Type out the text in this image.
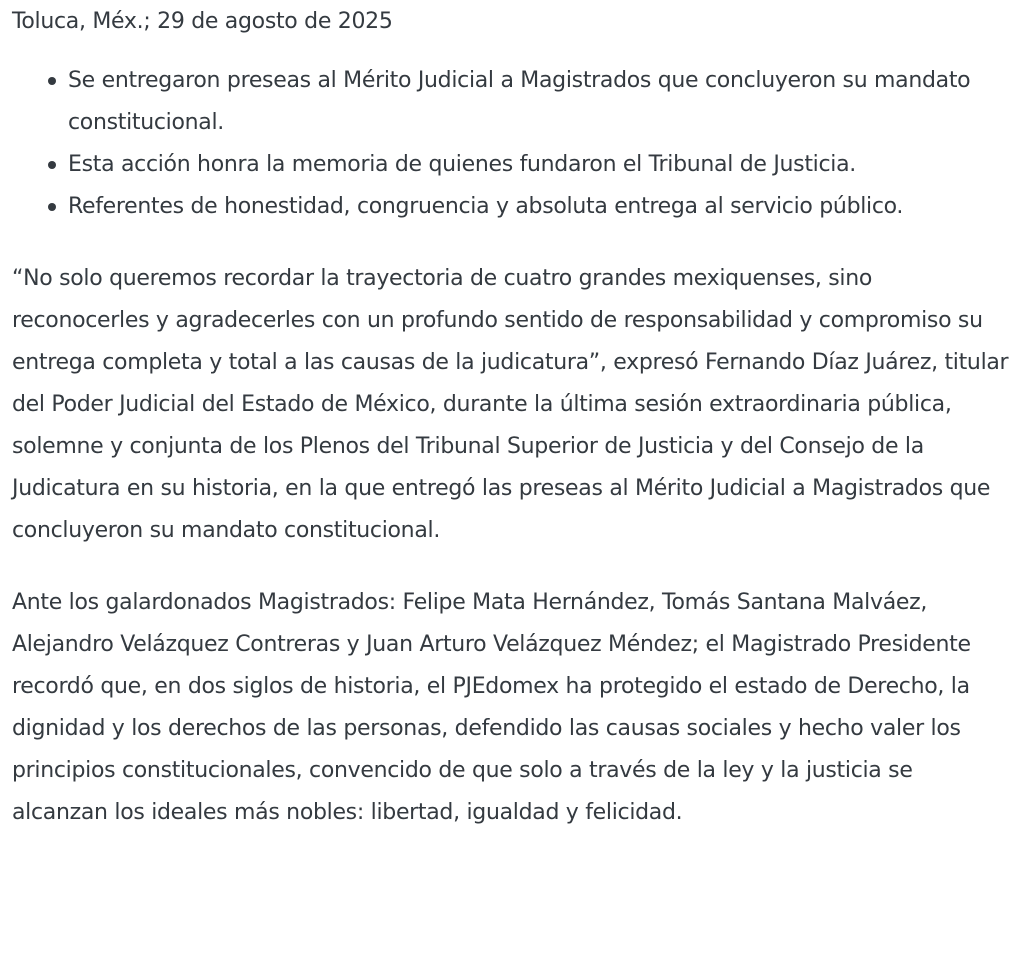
Toluca, Méx.; 29 de agosto de 2025

Se entregaron preseas al Mérito Judicial a Magistrados que concluyeron su mandato constitucional.
Esta acción honra la memoria de quienes fundaron el Tribunal de Justicia.
Referentes de honestidad, congruencia y absoluta entrega al servicio público.

“No solo queremos recordar la trayectoria de cuatro grandes mexiquenses, sino reconocerles y agradecerles con un profundo sentido de responsabilidad y compromiso su entrega completa y total a las causas de la judicatura”, expresó Fernando Díaz Juárez, titular del Poder Judicial del Estado de México, durante la última sesión extraordinaria pública, solemne y conjunta de los Plenos del Tribunal Superior de Justicia y del Consejo de la Judicatura en su historia, en la que entregó las preseas al Mérito Judicial a Magistrados que concluyeron su mandato constitucional.

Ante los galardonados Magistrados: Felipe Mata Hernández, Tomás Santana Malváez, Alejandro Velázquez Contreras y Juan Arturo Velázquez Méndez; el Magistrado Presidente recordó que, en dos siglos de historia, el PJEdomex ha protegido el estado de Derecho, la dignidad y los derechos de las personas, defendido las causas sociales y hecho valer los principios constitucionales, convencido de que solo a través de la ley y la justicia se alcanzan los ideales más nobles: libertad, igualdad y felicidad.
